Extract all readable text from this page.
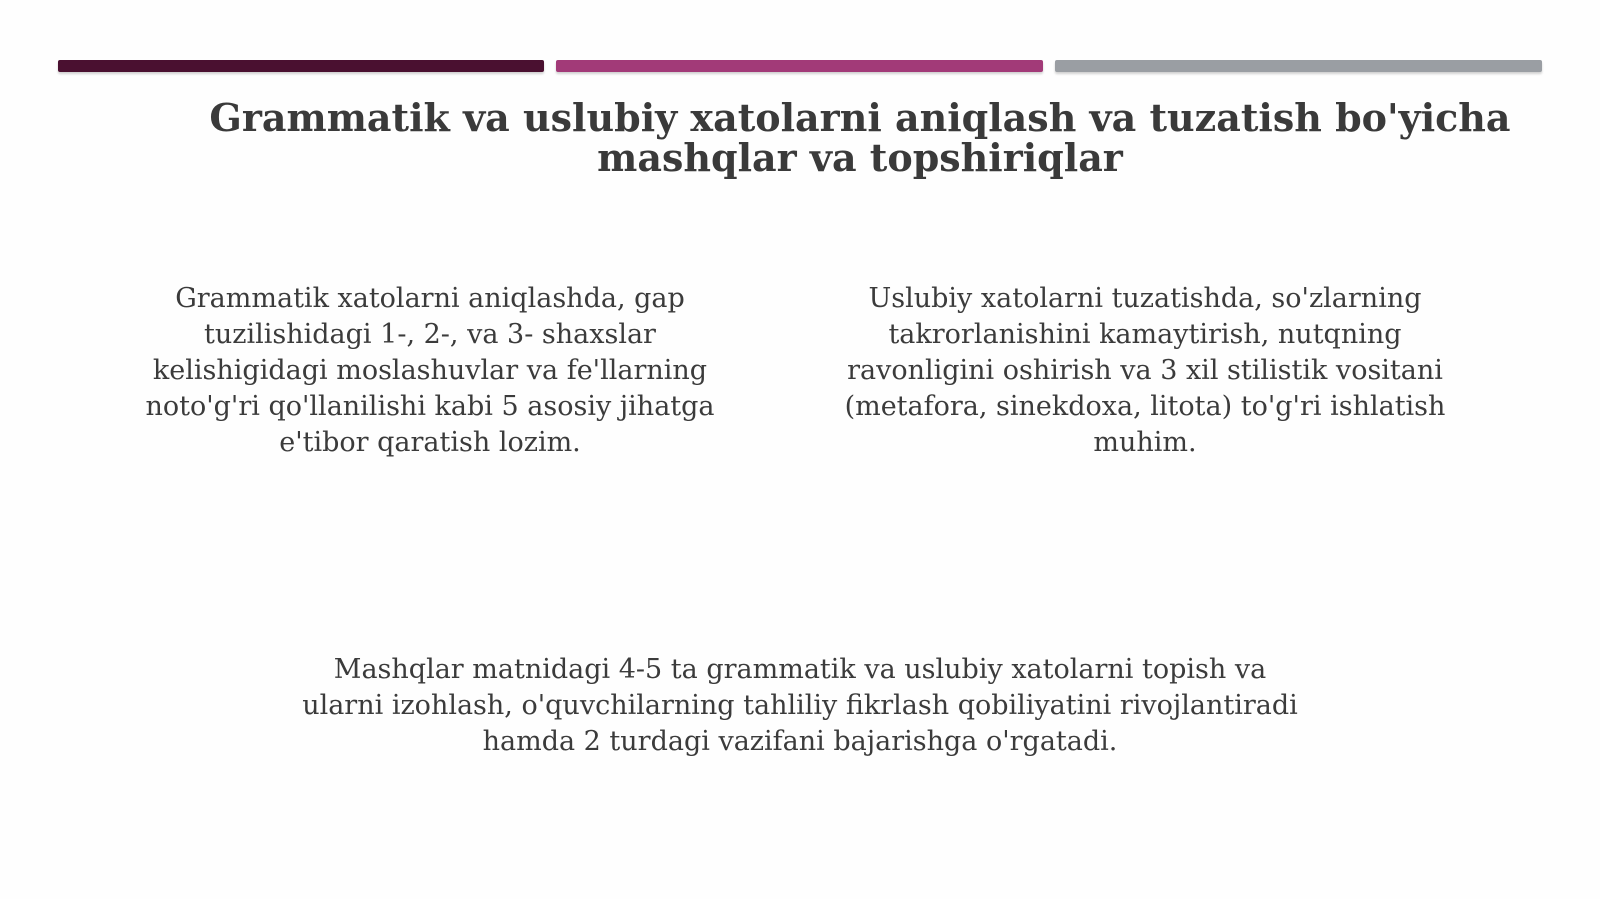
Grammatik va uslubiy xatolarni aniqlash va tuzatish bo'yicha mashqlar va topshiriqlar

Grammatik xatolarni aniqlashda, gap tuzilishidagi 1-, 2-, va 3- shaxslar kelishigidagi moslashuvlar va fe'llarning noto'g'ri qo'llanilishi kabi 5 asosiy jihatga e'tibor qaratish lozim.

Uslubiy xatolarni tuzatishda, so'zlarning takrorlanishini kamaytirish, nutqning ravonligini oshirish va 3 xil stilistik vositani (metafora, sinekdoxa, litota) to'g'ri ishlatish muhim.

Mashqlar matnidagi 4-5 ta grammatik va uslubiy xatolarni topish va ularni izohlash, o'quvchilarning tahliliy fikrlash qobiliyatini rivojlantiradi hamda 2 turdagi vazifani bajarishga o'rgatadi.
